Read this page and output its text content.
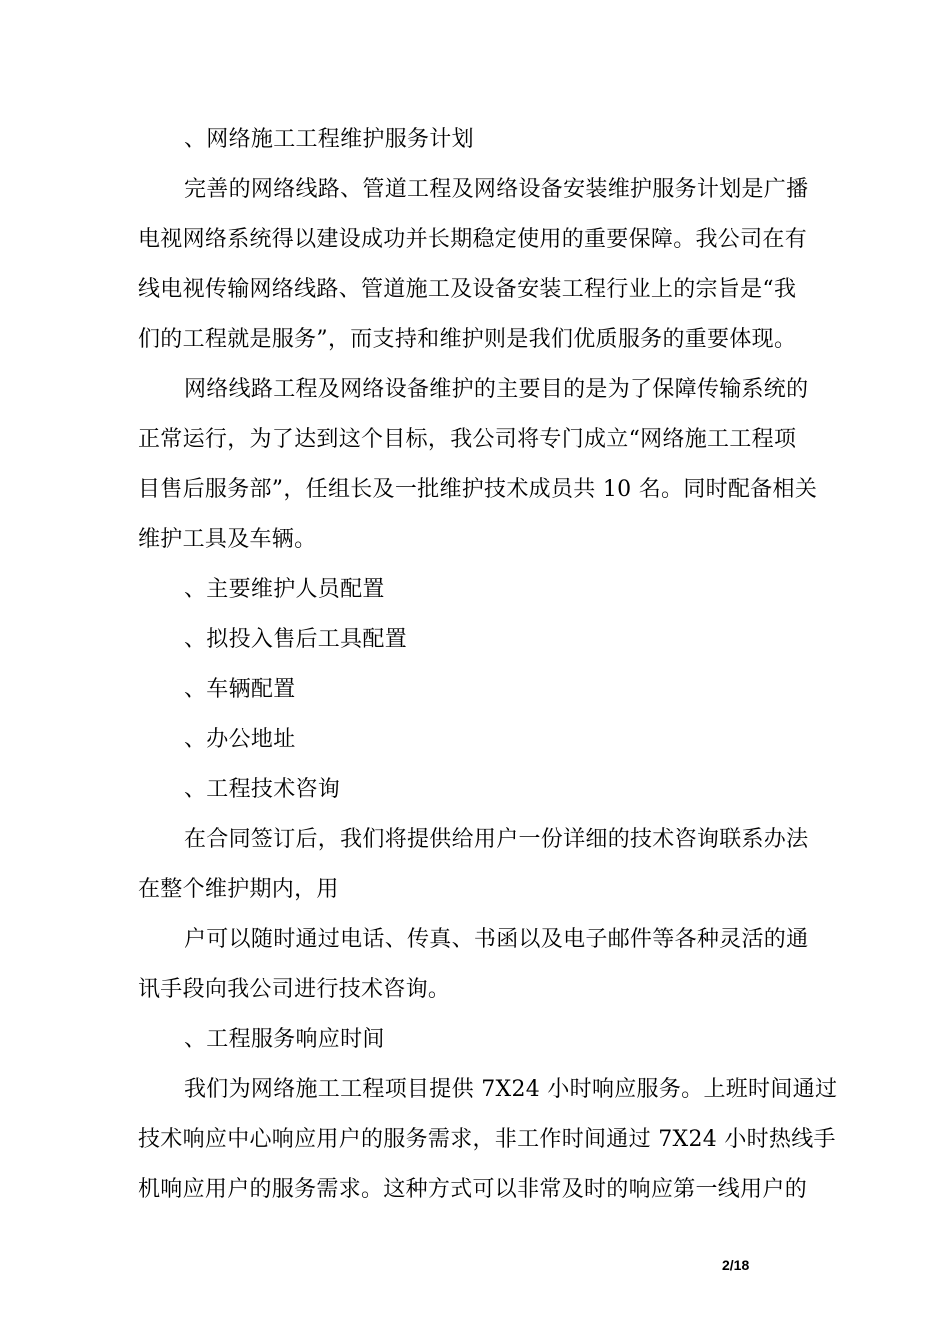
、网络施工工程维护服务计划
完善的网络线路、管道工程及网络设备安装维护服务计划是广播
电视网络系统得以建设成功并长期稳定使用的重要保障。我公司在有
线电视传输网络线路、管道施工及设备安装工程行业上的宗旨是“我
们的工程就是服务”，而支持和维护则是我们优质服务的重要体现。
网络线路工程及网络设备维护的主要目的是为了保障传输系统的
正常运行，为了达到这个目标，我公司将专门成立“网络施工工程项
目售后服务部”，任组长及一批维护技术成员共 10 名。同时配备相关
维护工具及车辆。
、主要维护人员配置
、拟投入售后工具配置
、车辆配置
、办公地址
、工程技术咨询
在合同签订后，我们将提供给用户一份详细的技术咨询联系办法
在整个维护期内，用
户可以随时通过电话、传真、书函以及电子邮件等各种灵活的通
讯手段向我公司进行技术咨询。
、工程服务响应时间
我们为网络施工工程项目提供 7X24 小时响应服务。上班时间通过
技术响应中心响应用户的服务需求，非工作时间通过 7X24 小时热线手
机响应用户的服务需求。这种方式可以非常及时的响应第一线用户的
2/18
